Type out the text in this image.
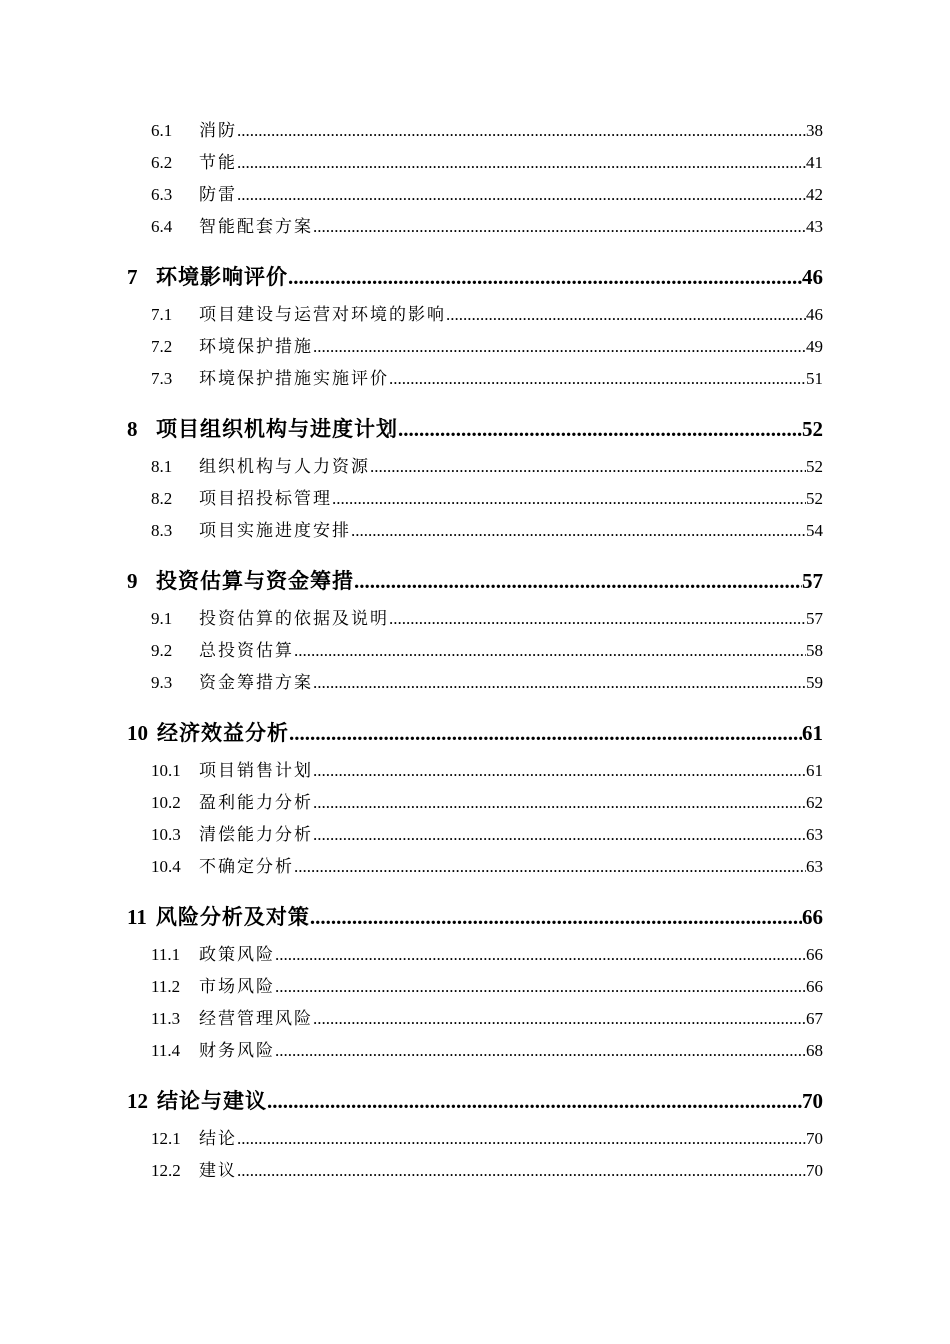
6.1	消防 .....	38
6.2	节能 .....	41
6.3	防雷 .....	42
6.4	智能配套方案 .....	43
7 环境影响评价 .....	46
7.1	项目建设与运营对环境的影响 .....	46
7.2	环境保护措施 .....	49
7.3	环境保护措施实施评价 .....	51
8 项目组织机构与进度计划 .....	52
8.1	组织机构与人力资源 .....	52
8.2	项目招投标管理 .....	52
8.3	项目实施进度安排 .....	54
9 投资估算与资金筹措 .....	57
9.1	投资估算的依据及说明 .....	57
9.2	总投资估算 .....	58
9.3	资金筹措方案 .....	59
10 经济效益分析 .....	61
10.1	项目销售计划 .....	61
10.2	盈利能力分析 .....	62
10.3	清偿能力分析 .....	63
10.4	不确定分析 .....	63
11 风险分析及对策 .....	66
11.1	政策风险 .....	66
11.2	市场风险 .....	66
11.3	经营管理风险 .....	67
11.4	财务风险 .....	68
12 结论与建议 .....	70
12.1	结论 .....	70
12.2	建议 .....	70
